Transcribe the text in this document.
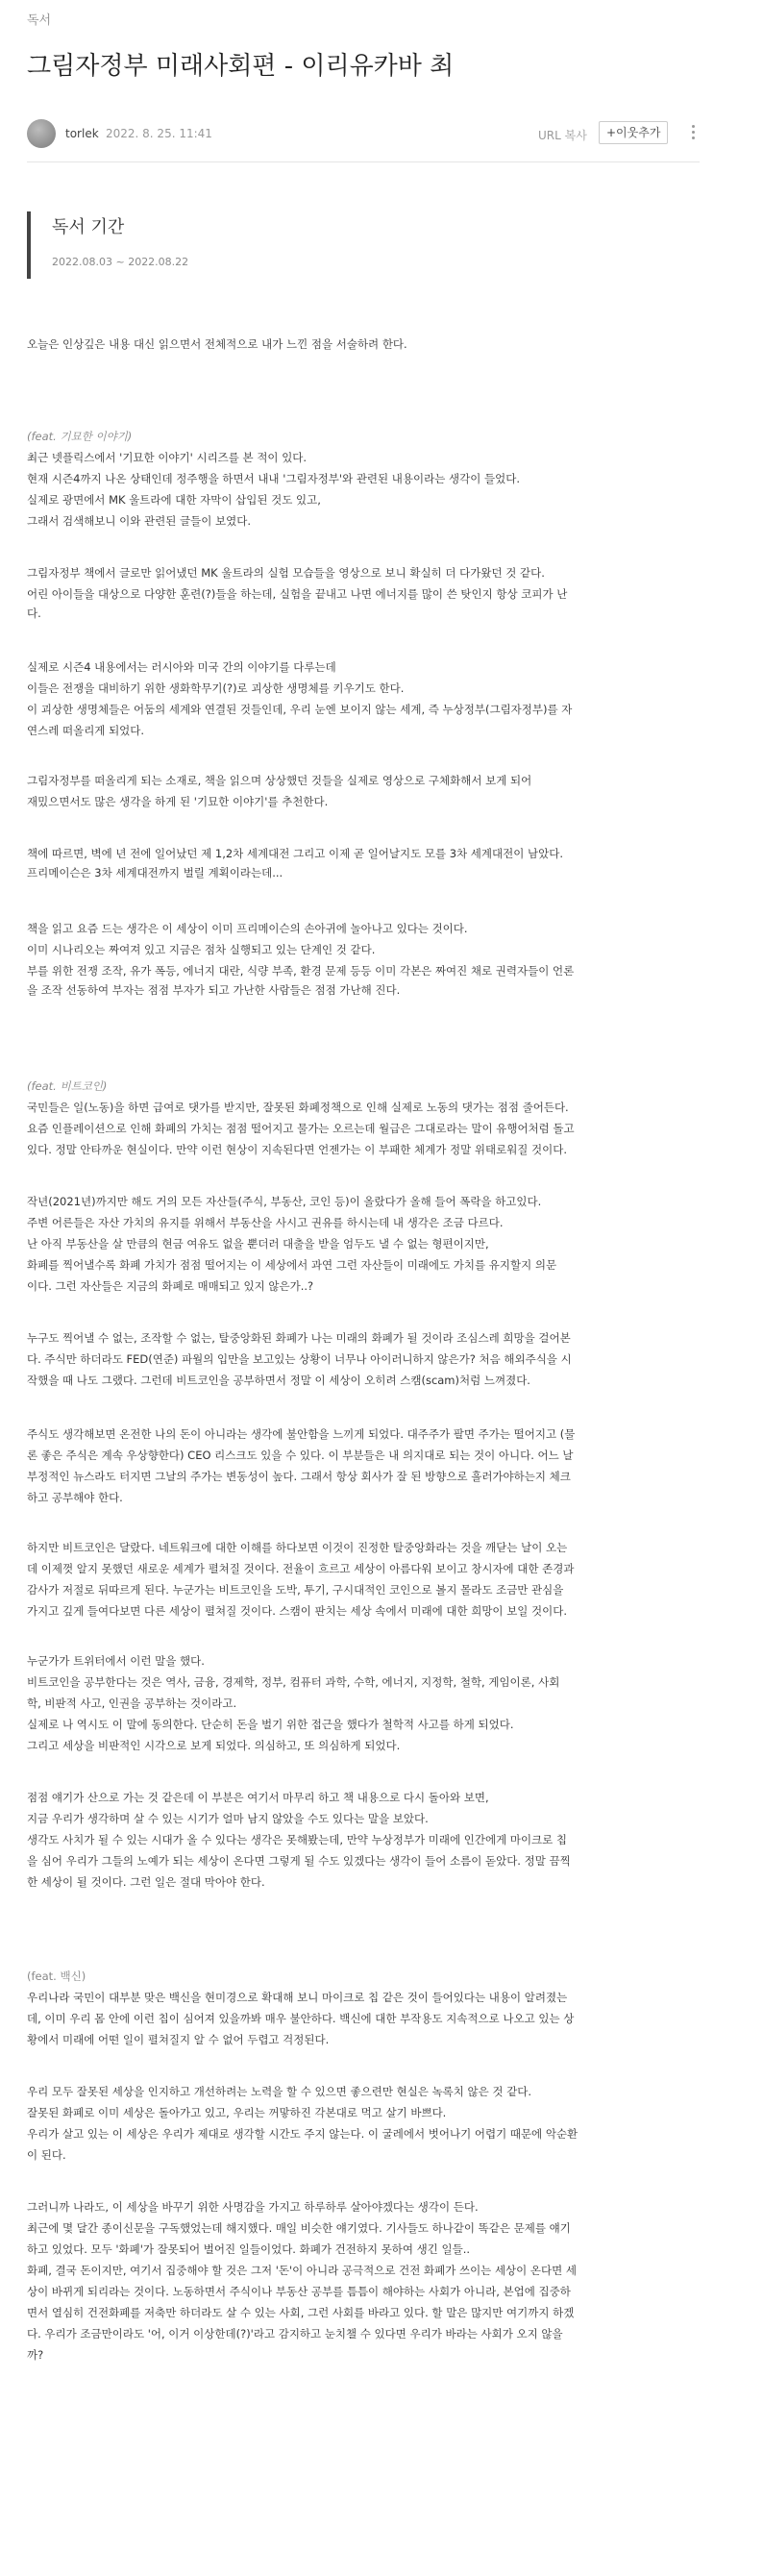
독서
그림자정부 미래사회편 - 이리유카바 최
torlek 2022. 8. 25. 11:41	URL 복사	+이웃추가
독서 기간
2022.08.03 ~ 2022.08.22
오늘은 인상깊은 내용 대신 읽으면서 전체적으로 내가 느낀 점을 서술하려 한다.
(feat. 기묘한 이야기)
최근 넷플릭스에서 '기묘한 이야기' 시리즈를 본 적이 있다.
현재 시즌4까지 나온 상태인데 정주행을 하면서 내내 '그림자정부'와 관련된 내용이라는 생각이 들었다.
실제로 광면에서 MK 울트라에 대한 자막이 삽입된 것도 있고,
그래서 검색해보니 이와 관련된 글들이 보였다.
그림자정부 책에서 글로만 읽어냈던 MK 울트라의 실험 모습들을 영상으로 보니 확실히 더 다가왔던 것 같다.
어린 아이들을 대상으로 다양한 훈련(?)들을 하는데, 실험을 끝내고 나면 에너지를 많이 쓴 탓인지 항상 코피가 난
다.
실제로 시즌4 내용에서는 러시아와 미국 간의 이야기를 다루는데
이들은 전쟁을 대비하기 위한 생화학무기(?)로 괴상한 생명체를 키우기도 한다.
이 괴상한 생명체들은 어둠의 세계와 연결된 것들인데, 우리 눈엔 보이지 않는 세계, 즉 누상정부(그림자정부)를 자
연스레 떠올리게 되었다.
그림자정부를 떠올리게 되는 소재로, 책을 읽으며 상상했던 것들을 실제로 영상으로 구체화해서 보게 되어
재밌으면서도 많은 생각을 하게 된 '기묘한 이야기'를 추천한다.
책에 따르면, 벽에 년 전에 일어났던 제 1,2차 세계대전 그리고 이제 곧 일어날지도 모를 3차 세계대전이 남았다.
프리메이슨은 3차 세계대전까지 벌릴 계획이라는데...
책을 읽고 요즘 드는 생각은 이 세상이 이미 프리메이슨의 손아귀에 놀아나고 있다는 것이다.
이미 시나리오는 짜여져 있고 지금은 점차 실행되고 있는 단계인 것 같다.
부를 위한 전쟁 조작, 유가 폭등, 에너지 대란, 식량 부족, 환경 문제 등등 이미 각본은 짜여진 채로 권력자들이 언론
을 조작 선동하여 부자는 점점 부자가 되고 가난한 사람들은 점점 가난해 진다.
(feat. 비트코인)
국민들은 일(노동)을 하면 급여로 댓가를 받지만, 잘못된 화폐정책으로 인해 실제로 노동의 댓가는 점점 줄어든다.
요즘 인플레이션으로 인해 화폐의 가치는 점점 떨어지고 물가는 오르는데 월급은 그대로라는 말이 유행어처럼 돌고
있다. 정말 안타까운 현실이다. 만약 이런 현상이 지속된다면 언젠가는 이 부패한 체계가 정말 위태로워질 것이다.
작년(2021년)까지만 해도 거의 모든 자산들(주식, 부동산, 코인 등)이 올랐다가 올해 들어 폭락을 하고있다.
주변 어른들은 자산 가치의 유지를 위해서 부동산을 사시고 권유를 하시는데 내 생각은 조금 다르다.
난 아직 부동산을 살 만큼의 현금 여유도 없을 뿐더러 대출을 받을 엄두도 낼 수 없는 형편이지만,
화폐를 찍어낼수록 화폐 가치가 점점 떨어지는 이 세상에서 과연 그런 자산들이 미래에도 가치를 유지할지 의문
이다. 그런 자산들은 지금의 화폐로 매매되고 있지 않은가..?
누구도 찍어낼 수 없는, 조작할 수 없는, 탈중앙화된 화폐가 나는 미래의 화폐가 될 것이라 조심스레 희망을 걸어본
다. 주식만 하더라도 FED(연준) 파월의 입만을 보고있는 상황이 너무나 아이러니하지 않은가? 처음 해외주식을 시
작했을 때 나도 그랬다. 그런데 비트코인을 공부하면서 정말 이 세상이 오히려 스캠(scam)처럼 느껴졌다.
주식도 생각해보면 온전한 나의 돈이 아니라는 생각에 불안함을 느끼게 되었다. 대주주가 팔면 주가는 떨어지고 (물
론 좋은 주식은 계속 우상향한다) CEO 리스크도 있을 수 있다. 이 부분들은 내 의지대로 되는 것이 아니다. 어느 날
부정적인 뉴스라도 터지면 그날의 주가는 변동성이 높다. 그래서 항상 회사가 잘 된 방향으로 흘러가야하는지 체크
하고 공부해야 한다.
하지만 비트코인은 달랐다. 네트워크에 대한 이해를 하다보면 이것이 진정한 탈중앙화라는 것을 깨닫는 날이 오는
데 이제껏 알지 못했던 새로운 세계가 펼쳐질 것이다. 전율이 흐르고 세상이 아름다워 보이고 창시자에 대한 존경과
감사가 저절로 뒤따르게 된다. 누군가는 비트코인을 도박, 투기, 구시대적인 코인으로 볼지 몰라도 조금만 관심을
가지고 깊게 들여다보면 다른 세상이 펼쳐질 것이다. 스캠이 판치는 세상 속에서 미래에 대한 희망이 보일 것이다.
누군가가 트위터에서 이런 말을 했다.
비트코인을 공부한다는 것은 역사, 금융, 경제학, 정부, 컴퓨터 과학, 수학, 에너지, 지정학, 철학, 게임이론, 사회
학, 비판적 사고, 인권을 공부하는 것이라고.
실제로 나 역시도 이 말에 동의한다. 단순히 돈을 벌기 위한 접근을 했다가 철학적 사고를 하게 되었다.
그리고 세상을 비판적인 시각으로 보게 되었다. 의심하고, 또 의심하게 되었다.
점점 얘기가 산으로 가는 것 같은데 이 부분은 여기서 마무리 하고 책 내용으로 다시 돌아와 보면,
지금 우리가 생각하며 살 수 있는 시기가 얼마 남지 않았을 수도 있다는 말을 보았다.
생각도 사치가 될 수 있는 시대가 올 수 있다는 생각은 못해봤는데, 만약 누상정부가 미래에 인간에게 마이크로 칩
을 심어 우리가 그들의 노예가 되는 세상이 온다면 그렇게 될 수도 있겠다는 생각이 들어 소름이 돋았다. 정말 끔찍
한 세상이 될 것이다. 그런 일은 절대 막아야 한다.
(feat. 백신)
우리나라 국민이 대부분 맞은 백신을 현미경으로 확대해 보니 마이크로 칩 같은 것이 들어있다는 내용이 알려졌는
데, 이미 우리 몸 안에 이런 칩이 심어져 있을까봐 매우 불안하다. 백신에 대한 부작용도 지속적으로 나오고 있는 상
황에서 미래에 어떤 일이 펼쳐질지 알 수 없어 두렵고 걱정된다.
우리 모두 잘못된 세상을 인지하고 개선하려는 노력을 할 수 있으면 좋으련만 현실은 녹록치 않은 것 같다.
잘못된 화폐로 이미 세상은 돌아가고 있고, 우리는 꺼맣하진 각본대로 먹고 살기 바쁘다.
우리가 살고 있는 이 세상은 우리가 제대로 생각할 시간도 주지 않는다. 이 굴레에서 벗어나기 어렵기 때문에 악순환
이 된다.
그러니까 나라도, 이 세상을 바꾸기 위한 사명감을 가지고 하루하루 살아야겠다는 생각이 든다.
최근에 몇 달간 종이신문을 구독했었는데 해지했다. 매일 비슷한 얘기였다. 기사들도 하나같이 똑같은 문제를 얘기
하고 있었다. 모두 '화폐'가 잘못되어 벌어진 일들이었다. 화폐가 건전하지 못하여 생긴 일들..
화폐, 결국 돈이지만, 여기서 집중해야 할 것은 그저 '돈'이 아니라 공극적으로 건전 화폐가 쓰이는 세상이 온다면 세
상이 바뀌게 되리라는 것이다. 노동하면서 주식이나 부동산 공부를 틈틈이 해야하는 사회가 아니라, 본업에 집중하
면서 열심히 건전화폐를 저축만 하더라도 살 수 있는 사회, 그런 사회를 바라고 있다. 할 말은 많지만 여기까지 하겠
다. 우리가 조금만이라도 '어, 이거 이상한데(?)'라고 감지하고 눈치챌 수 있다면 우리가 바라는 사회가 오지 않을
까?
